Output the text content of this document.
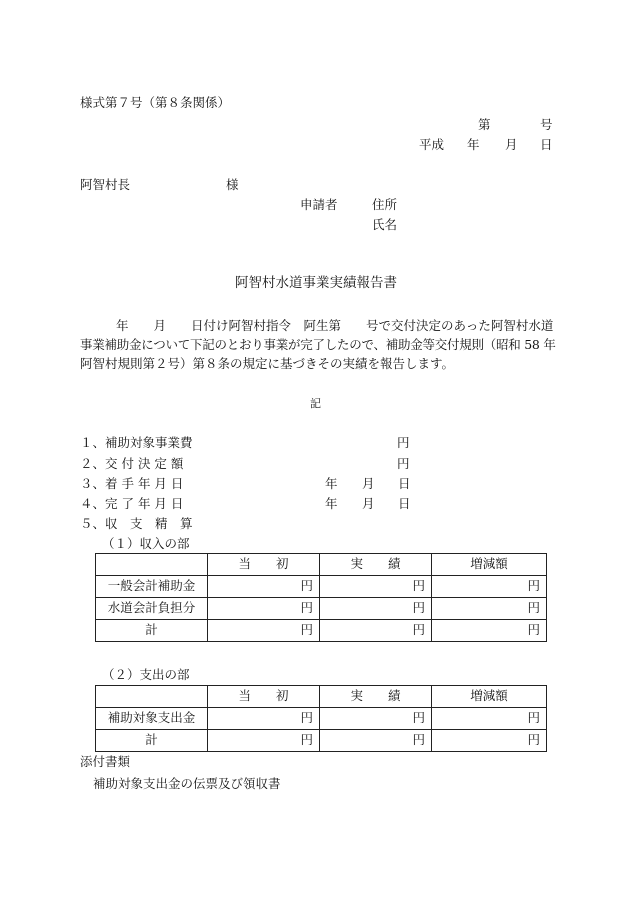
様式第７号（第８条関係）
第	号
平成 年 月 日
阿智村長	様
申請者	住所
氏名
阿智村水道事業実績報告書
年　　月　　日付け阿智村指令　阿生第　　号で交付決定のあった阿智村水道
事業補助金について下記のとおり事業が完了したので、補助金等交付規則（昭和 58 年
阿智村規則第２号）第８条の規定に基づきその実績を報告します。
記
１、補助対象事業費	円
２、交 付 決 定 額	円
３、着 手 年 月 日	年 月 日
４、完 了 年 月 日	年 月 日
５、収　支　精　算
（１）収入の部
	当　　初	実　　績	増減額
一般会計補助金	円	円	円
水道会計負担分	円	円	円
計	円	円	円
（２）支出の部
	当　　初	実　　績	増減額
補助対象支出金	円	円	円
計	円	円	円
添付書類
補助対象支出金の伝票及び領収書
